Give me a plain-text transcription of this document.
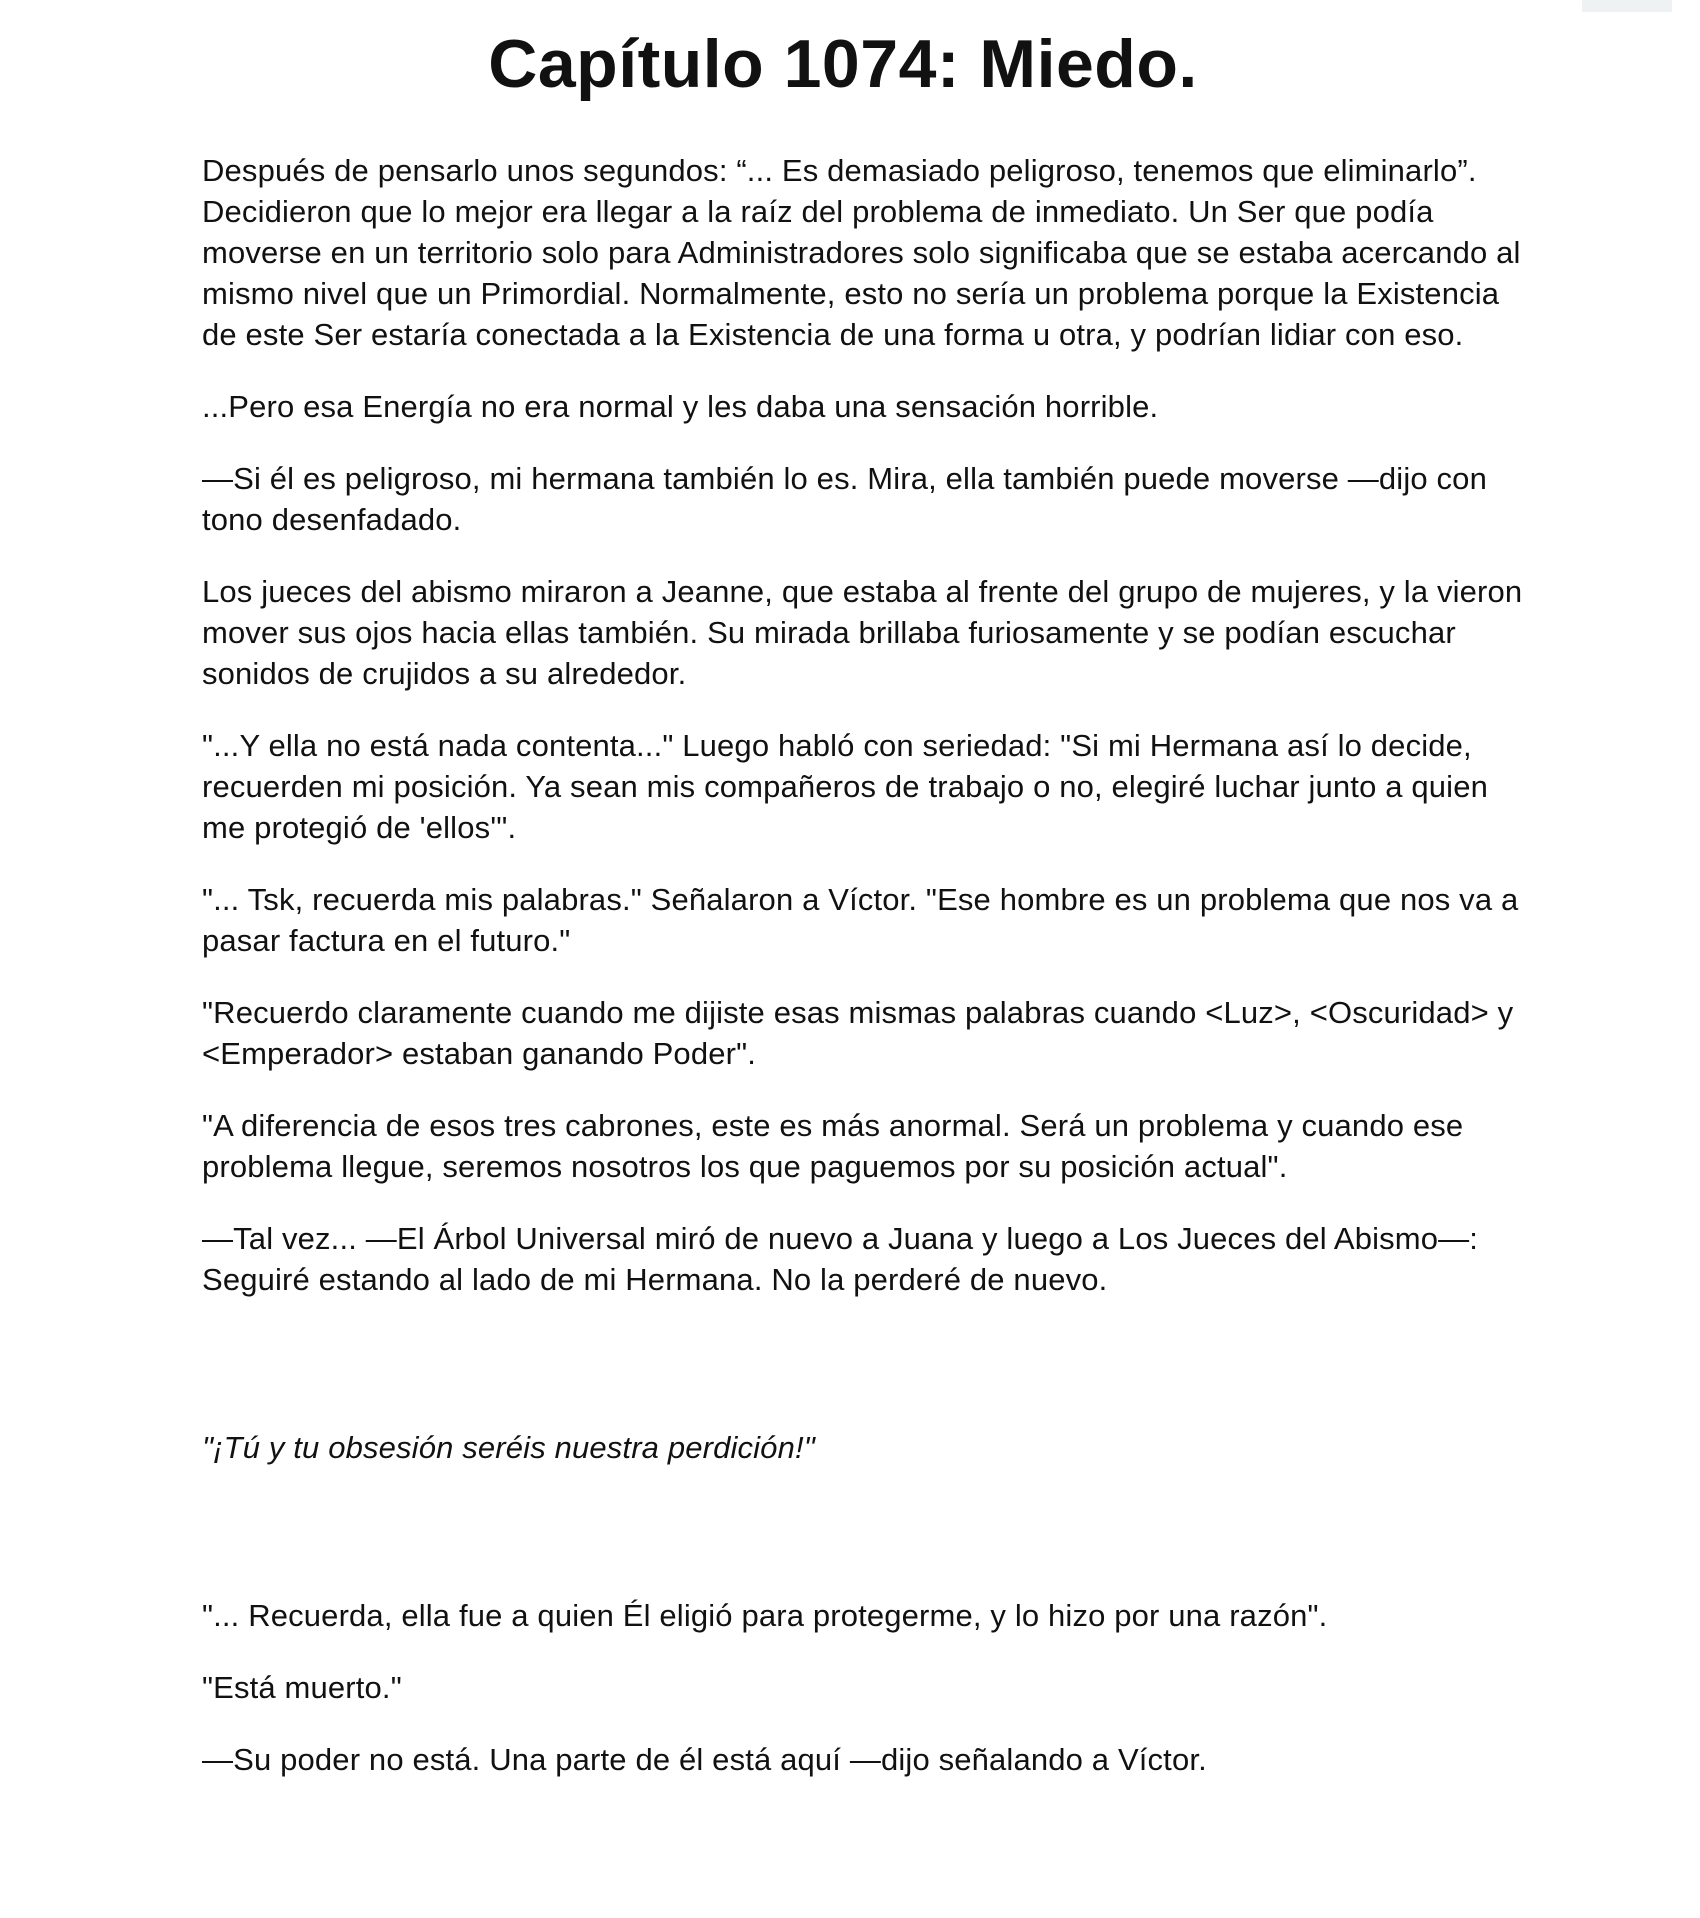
Capítulo 1074: Miedo.

Después de pensarlo unos segundos: “... Es demasiado peligroso, tenemos que eliminarlo”. Decidieron que lo mejor era llegar a la raíz del problema de inmediato. Un Ser que podía moverse en un territorio solo para Administradores solo significaba que se estaba acercando al mismo nivel que un Primordial. Normalmente, esto no sería un problema porque la Existencia de este Ser estaría conectada a la Existencia de una forma u otra, y podrían lidiar con eso.

...Pero esa Energía no era normal y les daba una sensación horrible.

—Si él es peligroso, mi hermana también lo es. Mira, ella también puede moverse —dijo con tono desenfadado.

Los jueces del abismo miraron a Jeanne, que estaba al frente del grupo de mujeres, y la vieron mover sus ojos hacia ellas también. Su mirada brillaba furiosamente y se podían escuchar sonidos de crujidos a su alrededor.

"...Y ella no está nada contenta..." Luego habló con seriedad: "Si mi Hermana así lo decide, recuerden mi posición. Ya sean mis compañeros de trabajo o no, elegiré luchar junto a quien me protegió de 'ellos'".

"... Tsk, recuerda mis palabras." Señalaron a Víctor. "Ese hombre es un problema que nos va a pasar factura en el futuro."

"Recuerdo claramente cuando me dijiste esas mismas palabras cuando <Luz>, <Oscuridad> y <Emperador> estaban ganando Poder".

"A diferencia de esos tres cabrones, este es más anormal. Será un problema y cuando ese problema llegue, seremos nosotros los que paguemos por su posición actual".

—Tal vez... —El Árbol Universal miró de nuevo a Juana y luego a Los Jueces del Abismo—: Seguiré estando al lado de mi Hermana. No la perderé de nuevo.

"¡Tú y tu obsesión seréis nuestra perdición!"

"... Recuerda, ella fue a quien Él eligió para protegerme, y lo hizo por una razón".

"Está muerto."

—Su poder no está. Una parte de él está aquí —dijo señalando a Víctor.
